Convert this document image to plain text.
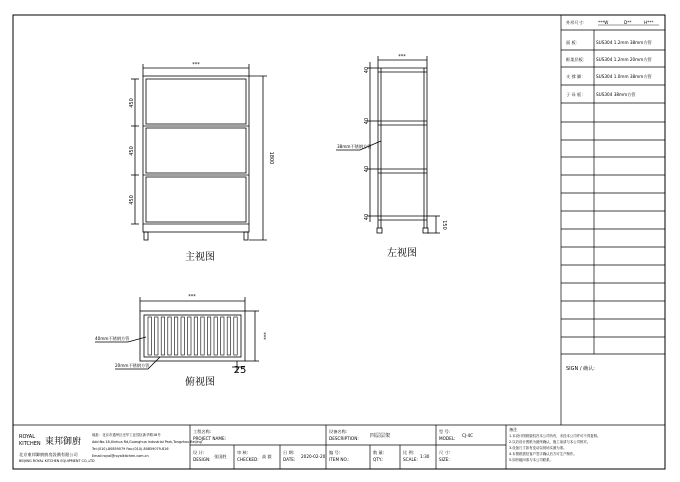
***
450
450
450
1800
主视图
***
40
40
40
40
150
38mm不锈钢方管
左视图
***
***
25
40mm不锈钢方管
20mm不锈钢方管
俯视图
外形尺寸：	***W	D**	H***
面 板：	SUS304 1.2mm 38mm方管
框架层板： SUS304 1.2mm 20mm方管
支 撑 脚：	SUS304 1.0mm 38mm方管
子 母 板：	SUS304 38mm方管
SIGN / 确认:
ROYAL
KITCHEN 東邦御廚
北京東邦御廚廚房設備有限公司
BEIJING ROYAL KITCHEN EQUIPMENT CO.,LTD
地址：北京市通州区光华工业园区新华路18号
Add:No.18,Xinhua Rd,Guanghua Industrial Park,Tongzhou,Beijing
Tel:(010)-80859079 Fax:(010)-80859079-816
Email:royal@royalkitchen.com.cn
工程名称:
PROJECT NAME:
设 计:
DESIGN:
张国胜
审 核:
CHECKED:
高 毅
日 期:
DATE:
2020-02-20
设备名称:
DESCRIPTION: 四层层架
编 号:
ITEM NO.:
数 量:
QTY.:
比 例:
SCALE:
1:30
型 号:
MODEL:
CJ-4C
尺 寸:
SIZE:
备注
1.本设计图纸版权归本公司所有，未经本公司许可不得复制。
2.以后设计图纸为最终确认，施工前请与本公司核对。
3.设备尺寸如有变动以现场实测为准。
4.本图纸需经客户签字确认后方可生产制作。
5.如有疑问请与本公司联系。
